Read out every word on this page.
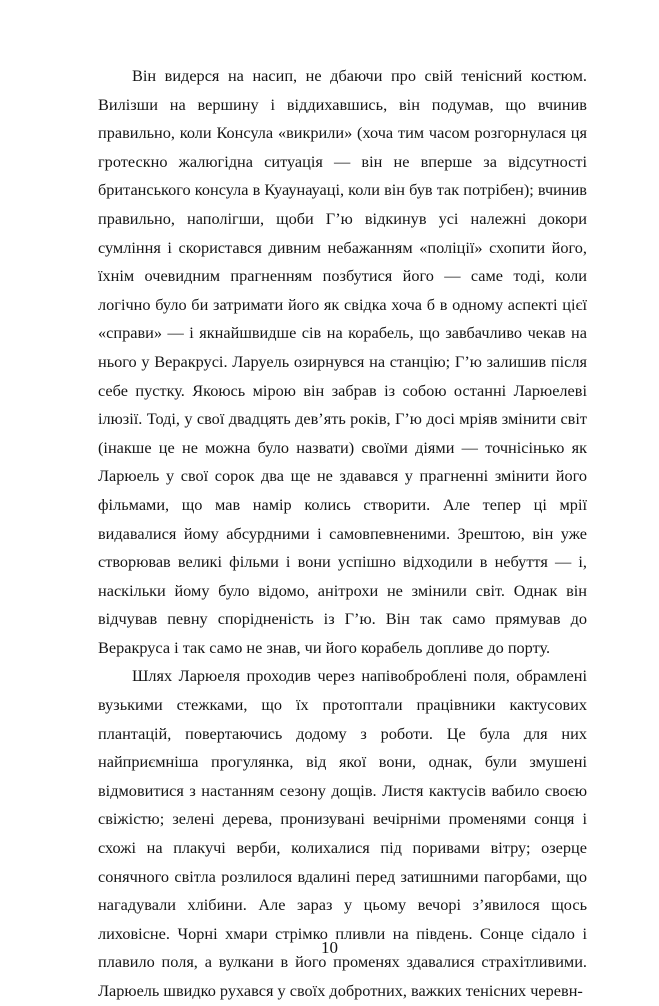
Він видерся на насип, не дбаючи про свій тенісний костюм. Вилізши на вершину і віддихавшись, він подумав, що вчинив правильно, коли Консула «викрили» (хоча тим часом розгорнулася ця гротескно жалюгідна ситуація — він не вперше за відсутності британського консула в Куаунауаці, коли він був так потрібен); вчинив правильно, наполігши, щоби Г’ю відкинув усі належні докори сумління і скористався дивним небажанням «поліції» схопити його, їхнім очевидним прагненням позбутися його — саме тоді, коли логічно було би затримати його як свідка хоча б в одному аспекті цієї «справи» — і якнайшвидше сів на корабель, що завбачливо чекав на нього у Веракрусі. Ларуель озирнувся на станцію; Г’ю залишив після себе пустку. Якоюсь мірою він забрав із собою останні Ларюелеві ілюзії. Тоді, у свої двадцять дев’ять років, Г’ю досі мріяв змінити світ (інакше це не можна було назвати) своїми діями — точнісінько як Ларюель у свої сорок два ще не здавався у прагненні змінити його фільмами, що мав намір колись створити. Але тепер ці мрії видавалися йому абсурдними і самовпевненими. Зрештою, він уже створював великі фільми і вони успішно відходили в небуття — і, наскільки йому було відомо, анітрохи не змінили світ. Однак він відчував певну спорідненість із Г’ю. Він так само прямував до Веракруса і так само не знав, чи його корабель допливе до порту.

Шлях Ларюеля проходив через напівоброблені поля, обрамлені вузькими стежками, що їх протоптали працівники кактусових плантацій, повертаючись додому з роботи. Це була для них найприємніша прогулянка, від якої вони, однак, були змушені відмовитися з настанням сезону дощів. Листя кактусів вабило своєю свіжістю; зелені дерева, пронизувані вечірніми променями сонця і схожі на плакучі верби, колихалися під поривами вітру; озерце сонячного світла розлилося вдалині перед затишними пагорбами, що нагадували хлібини. Але зараз у цьому вечорі з’явилося щось лиховісне. Чорні хмари стрімко пливли на південь. Сонце сідало і плавило поля, а вулкани в його променях здавалися страхітливими. Ларюель швидко рухався у своїх добротних, важких тенісних черевн-

10
